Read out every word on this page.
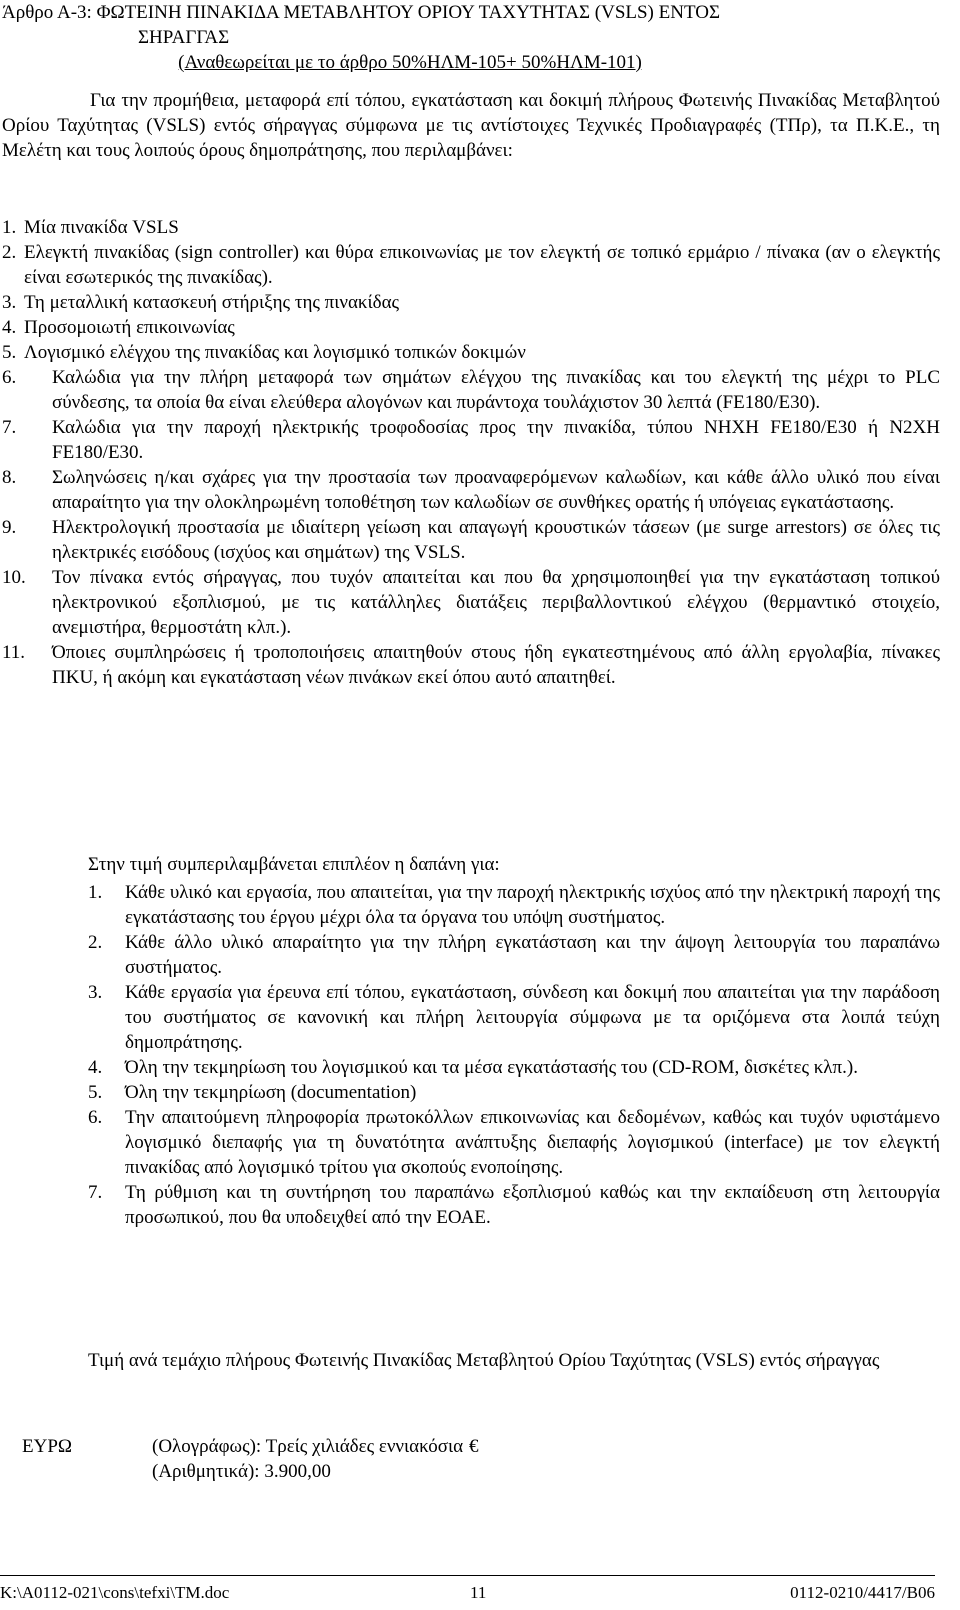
Άρθρο Α-3: ΦΩΤΕΙΝΗ ΠΙΝΑΚΙΔΑ ΜΕΤΑΒΛΗΤΟΥ ΟΡΙΟΥ ΤΑΧΥΤΗΤΑΣ (VSLS) ΕΝΤΟΣ
ΣΗΡΑΓΓΑΣ
(Αναθεωρείται με το άρθρο 50%ΗΛΜ-105+ 50%ΗΛΜ-101)
Για την προμήθεια, μεταφορά επί τόπου, εγκατάσταση και δοκιμή πλήρους Φωτεινής Πινακίδας Μεταβλητού Ορίου Ταχύτητας (VSLS) εντός σήραγγας σύμφωνα με τις αντίστοιχες Τεχνικές Προδιαγραφές (ΤΠρ), τα Π.Κ.Ε., τη Μελέτη και τους λοιπούς όρους δημοπράτησης, που περιλαμβάνει:
1. Μία πινακίδα VSLS
2. Ελεγκτή πινακίδας (sign controller) και θύρα επικοινωνίας με τον ελεγκτή σε τοπικό ερμάριο / πίνακα (αν ο ελεγκτής είναι εσωτερικός της πινακίδας).
3. Τη μεταλλική κατασκευή στήριξης της πινακίδας
4. Προσομοιωτή επικοινωνίας
5. Λογισμικό ελέγχου της πινακίδας και λογισμικό τοπικών δοκιμών
6.	Καλώδια για την πλήρη μεταφορά των σημάτων ελέγχου της πινακίδας και του ελεγκτή της μέχρι το PLC σύνδεσης, τα οποία θα είναι ελεύθερα αλογόνων και πυράντοχα τουλάχιστον 30 λεπτά (FE180/E30).
7.	Καλώδια για την παροχή ηλεκτρικής τροφοδοσίας προς την πινακίδα, τύπου NHXH FE180/E30 ή N2XH FE180/E30.
8.	Σωληνώσεις η/και σχάρες για την προστασία των προαναφερόμενων καλωδίων, και κάθε άλλο υλικό που είναι απαραίτητο για την ολοκληρωμένη τοποθέτηση των καλωδίων σε συνθήκες ορατής ή υπόγειας εγκατάστασης.
9.	Ηλεκτρολογική προστασία με ιδιαίτερη γείωση και απαγωγή κρουστικών τάσεων (με surge arrestors) σε όλες τις ηλεκτρικές εισόδους (ισχύος και σημάτων) της VSLS.
10.	Τον πίνακα εντός σήραγγας, που τυχόν απαιτείται και που θα χρησιμοποιηθεί για την εγκατάσταση τοπικού ηλεκτρονικού εξοπλισμού, με τις κατάλληλες διατάξεις περιβαλλοντικού ελέγχου (θερμαντικό στοιχείο, ανεμιστήρα, θερμοστάτη κλπ.).
11.	Όποιες συμπληρώσεις ή τροποποιήσεις απαιτηθούν στους ήδη εγκατεστημένους από άλλη εργολαβία, πίνακες ΠΚU, ή ακόμη και εγκατάσταση νέων πινάκων εκεί όπου αυτό απαιτηθεί.
Στην τιμή συμπεριλαμβάνεται επιπλέον η δαπάνη για:
1.	Κάθε υλικό και εργασία, που απαιτείται, για την παροχή ηλεκτρικής ισχύος από την ηλεκτρική παροχή της εγκατάστασης του έργου μέχρι όλα τα όργανα του υπόψη συστήματος.
2.	Κάθε άλλο υλικό απαραίτητο για την πλήρη εγκατάσταση και την άψογη λειτουργία του παραπάνω συστήματος.
3.	Κάθε εργασία για έρευνα επί τόπου, εγκατάσταση, σύνδεση και δοκιμή που απαιτείται για την παράδοση του συστήματος σε κανονική και πλήρη λειτουργία σύμφωνα με τα οριζόμενα στα λοιπά τεύχη δημοπράτησης.
4.	Όλη την τεκμηρίωση του λογισμικού και τα μέσα εγκατάστασής του (CD-ROM, δισκέτες κλπ.).
5.	Όλη την τεκμηρίωση (documentation)
6.	Την απαιτούμενη πληροφορία πρωτοκόλλων επικοινωνίας και δεδομένων, καθώς και τυχόν υφιστάμενο λογισμικό διεπαφής για τη δυνατότητα ανάπτυξης διεπαφής λογισμικού (interface) με τον ελεγκτή πινακίδας από λογισμικό τρίτου για σκοπούς ενοποίησης.
7.	Τη ρύθμιση και τη συντήρηση του παραπάνω εξοπλισμού καθώς και την εκπαίδευση στη λειτουργία προσωπικού, που θα υποδειχθεί από την ΕΟΑΕ.
Τιμή ανά τεμάχιο πλήρους Φωτεινής Πινακίδας Μεταβλητού Ορίου Ταχύτητας (VSLS) εντός σήραγγας
ΕΥΡΩ	(Ολογράφως): Τρείς χιλιάδες εννιακόσια €
(Αριθμητικά): 3.900,00
K:\A0112-021\cons\tefxi\TM.doc	11	0112-0210/4417/B06
